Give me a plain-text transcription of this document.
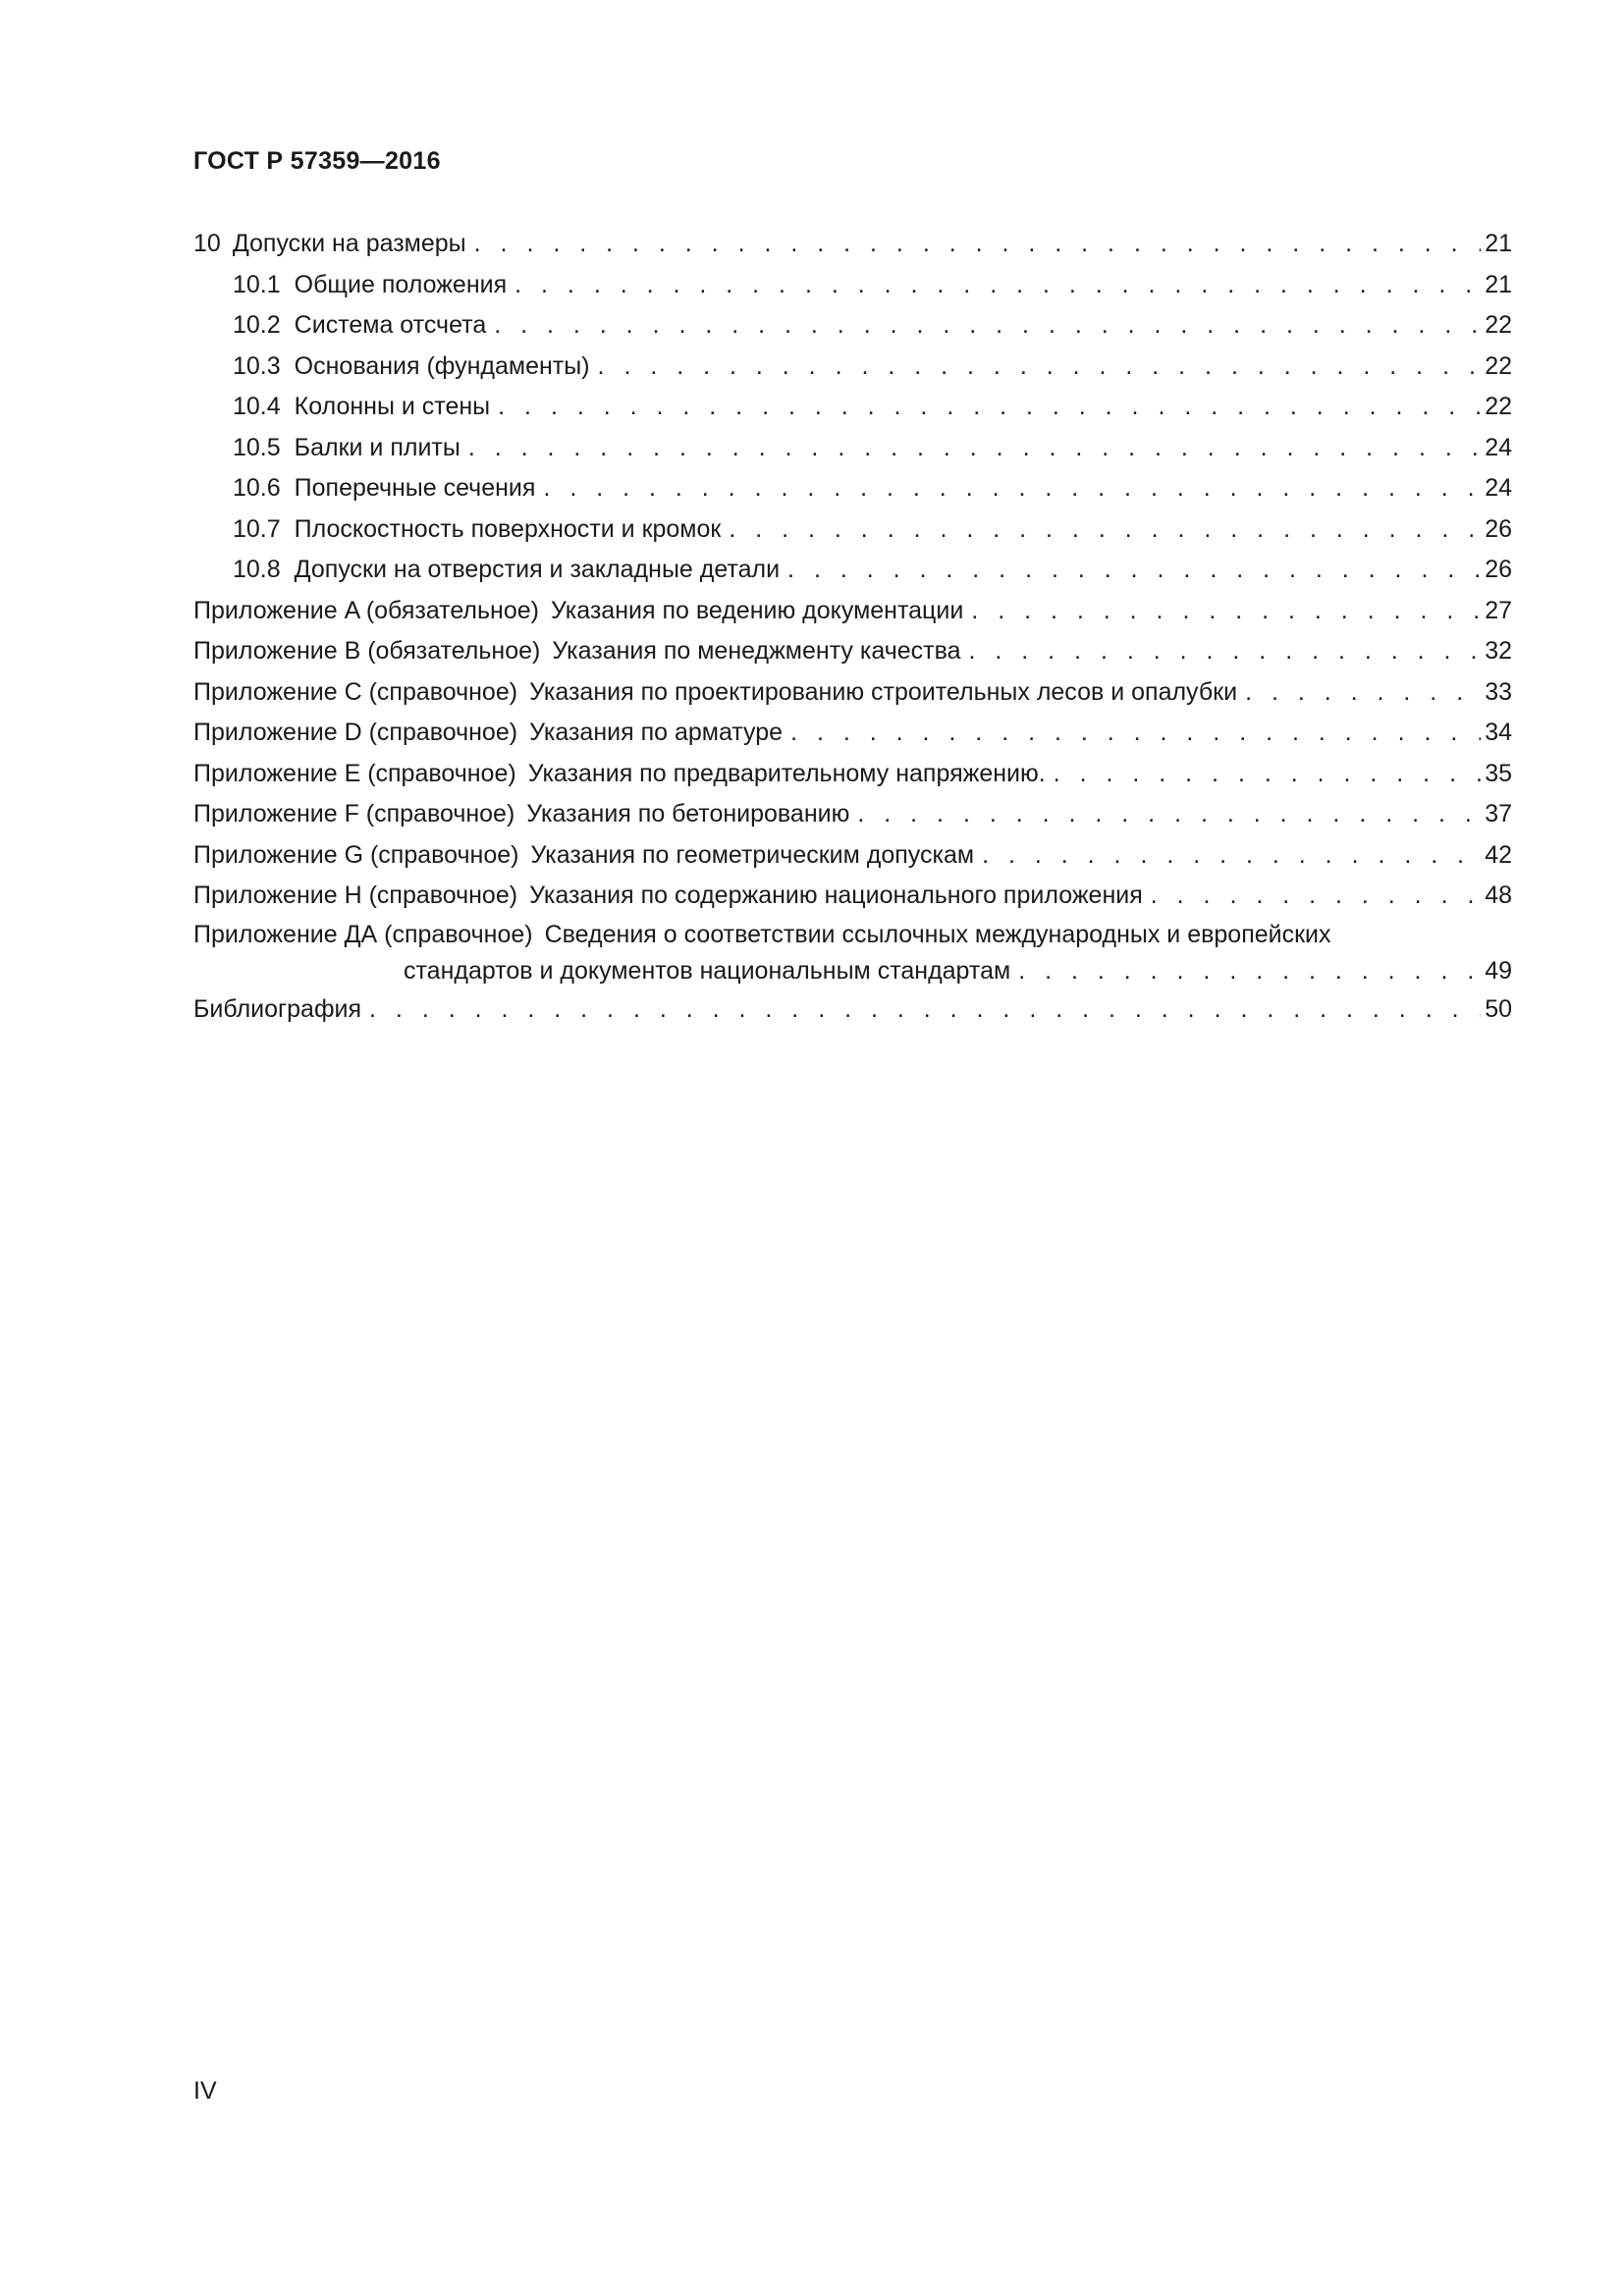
ГОСТ Р 57359—2016
10 Допуски на размеры . . .	21
10.1 Общие положения . . .	21
10.2 Система отсчета . . .	22
10.3 Основания (фундаменты) . . .	22
10.4 Колонны и стены . . .	22
10.5 Балки и плиты . . .	24
10.6 Поперечные сечения . . .	24
10.7 Плоскостность поверхности и кромок . . .	26
10.8 Допуски на отверстия и закладные детали . . .	26
Приложение A (обязательное) Указания по ведению документации . . .	27
Приложение B (обязательное) Указания по менеджменту качества . . .	32
Приложение C (справочное) Указания по проектированию строительных лесов и опалубки . . .	33
Приложение D (справочное) Указания по арматуре . . .	34
Приложение E (справочное) Указания по предварительному напряжению. . . .	35
Приложение F (справочное) Указания по бетонированию . . .	37
Приложение G (справочное) Указания по геометрическим допускам . . .	42
Приложение H (справочное) Указания по содержанию национального приложения . . .	48
Приложение ДА (справочное) Сведения о соответствии ссылочных международных и европейских
стандартов и документов национальным стандартам . . .	49
Библиография . . .	50
IV
